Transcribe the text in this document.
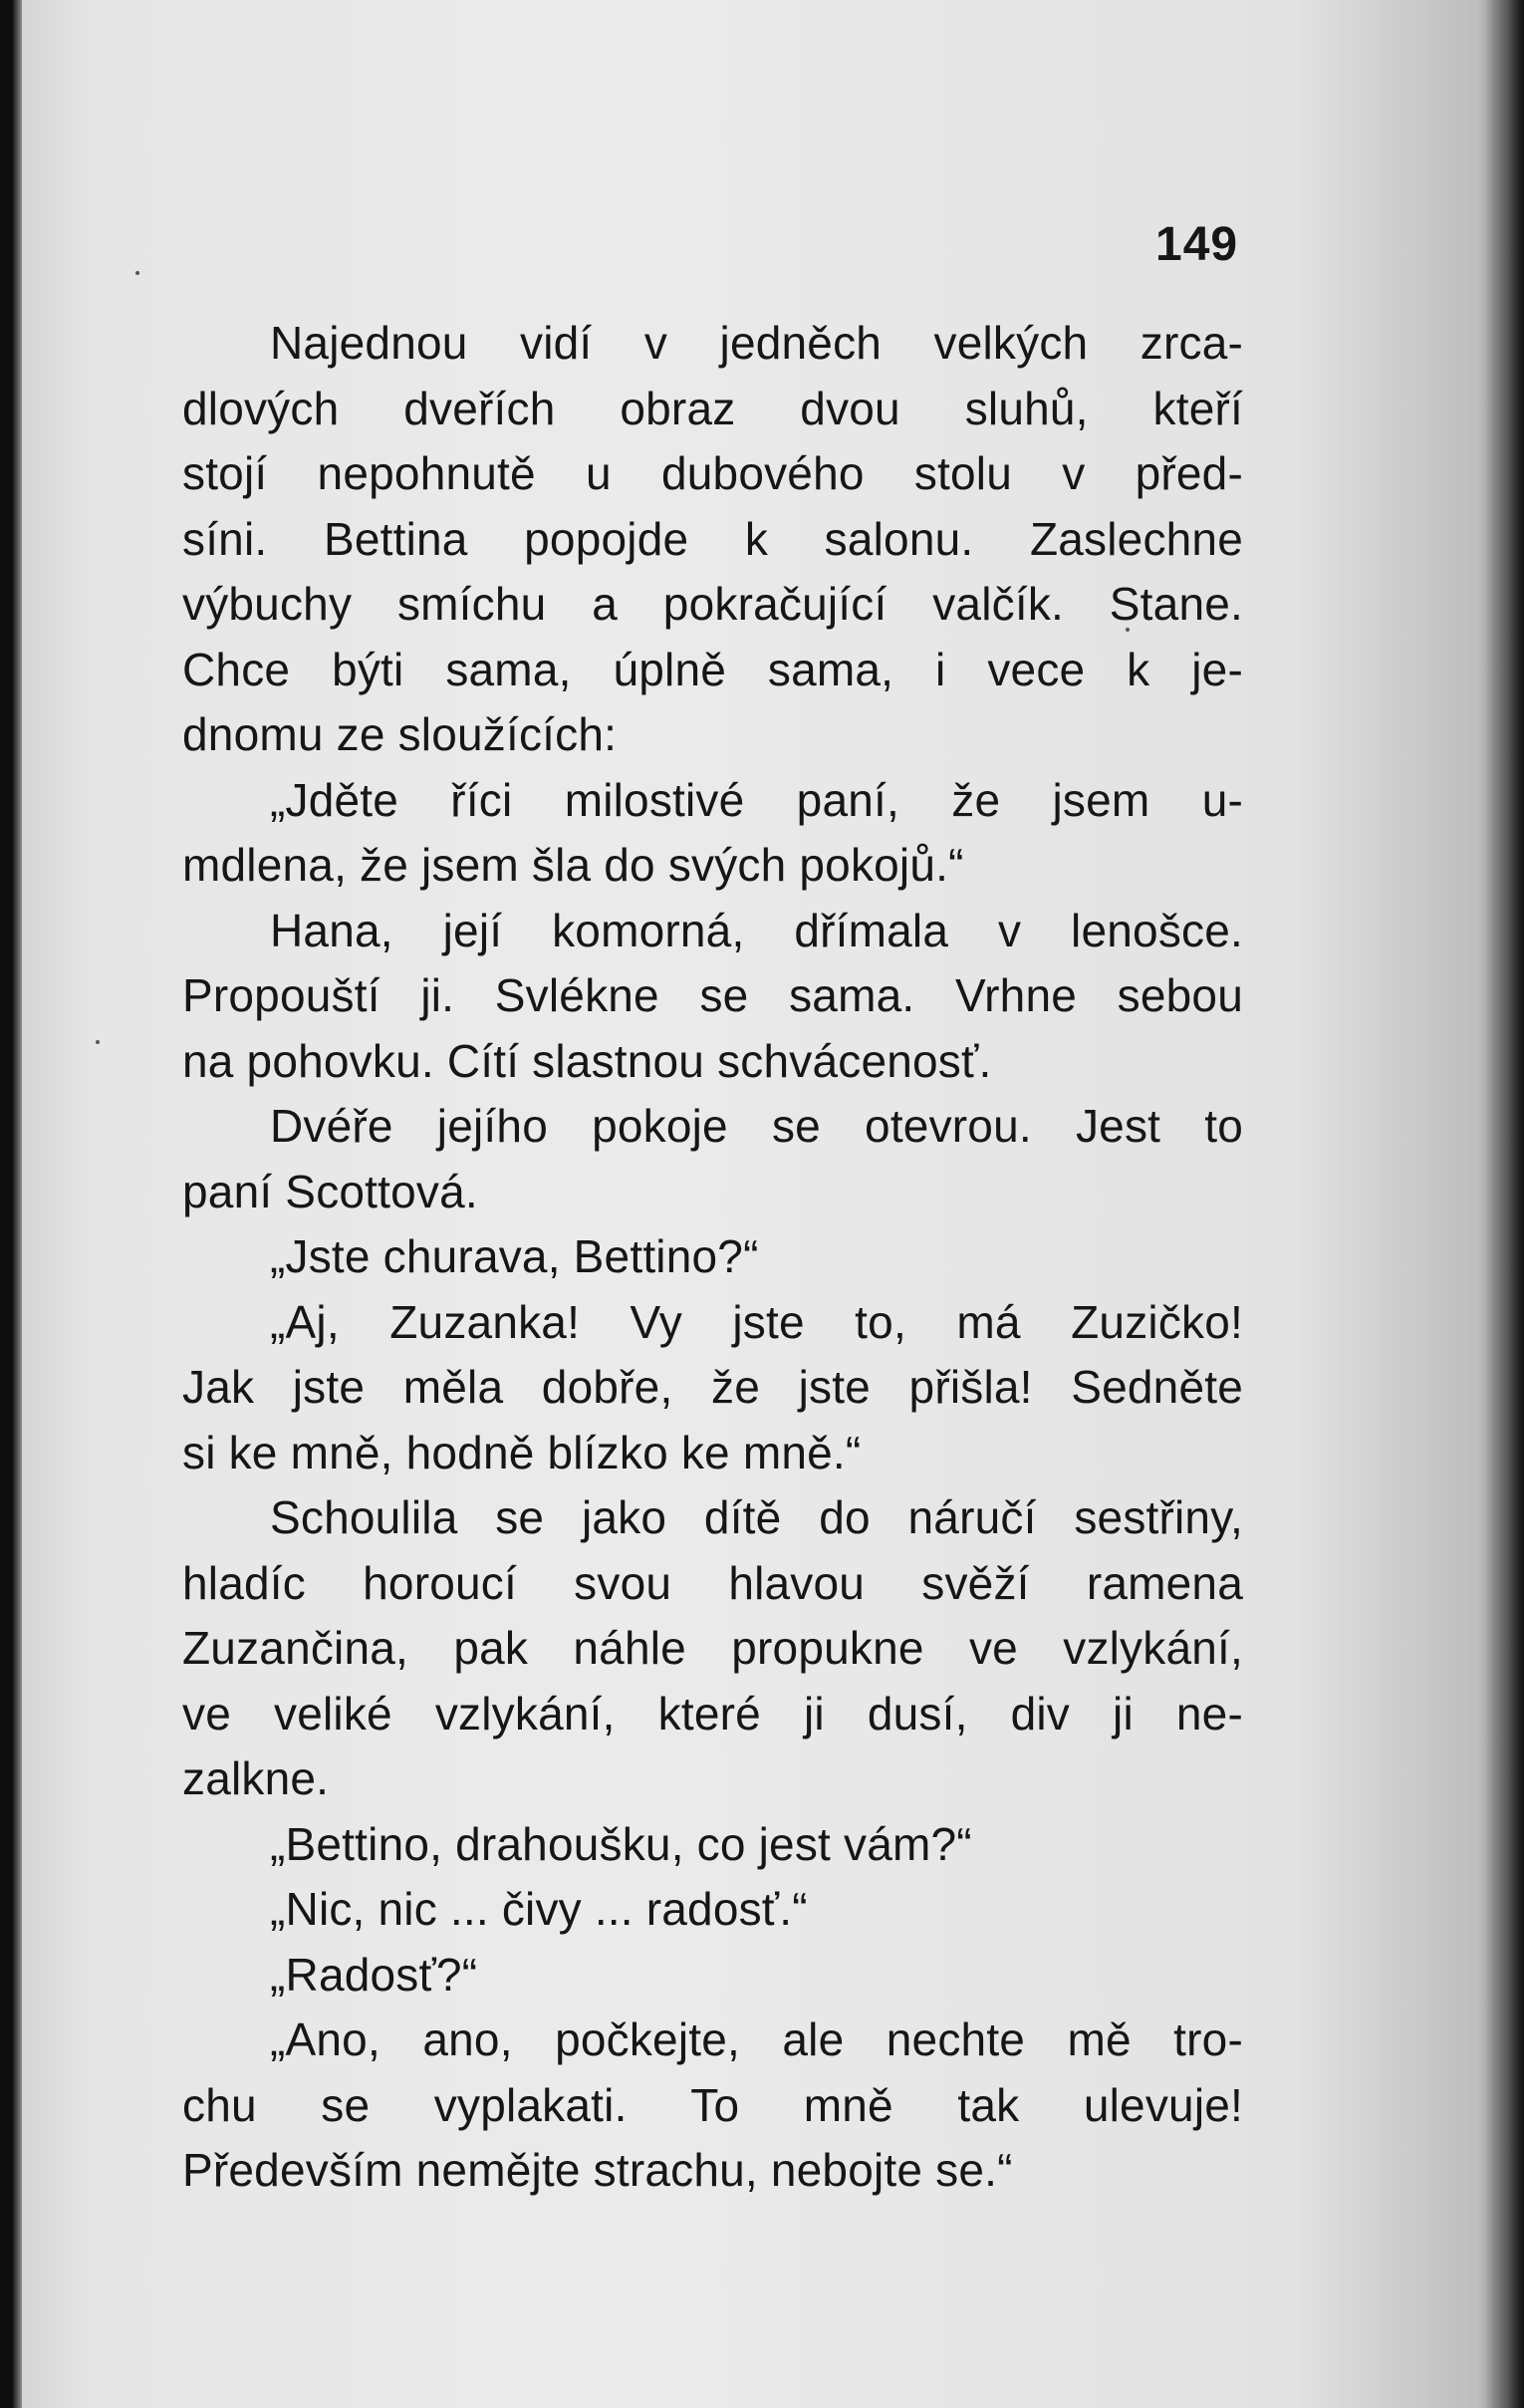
149
Najednou vidí v jedněch velkých zrca-
dlových dveřích obraz dvou sluhů, kteří
stojí nepohnutě u dubového stolu v před-
síni. Bettina popojde k salonu. Zaslechne
výbuchy smíchu a pokračující valčík. Stane.
Chce býti sama, úplně sama, i vece k je-
dnomu ze sloužících:
„Jděte říci milostivé paní, že jsem u-
mdlena, že jsem šla do svých pokojů.“
Hana, její komorná, dřímala v lenošce.
Propouští ji. Svlékne se sama. Vrhne sebou
na pohovku. Cítí slastnou schvácenosť.
Dvéře jejího pokoje se otevrou. Jest to
paní Scottová.
„Jste churava, Bettino?“
„Aj, Zuzanka! Vy jste to, má Zuzičko!
Jak jste měla dobře, že jste přišla! Sedněte
si ke mně, hodně blízko ke mně.“
Schoulila se jako dítě do náručí sestřiny,
hladíc horoucí svou hlavou svěží ramena
Zuzančina, pak náhle propukne ve vzlykání,
ve veliké vzlykání, které ji dusí, div ji ne-
zalkne.
„Bettino, drahoušku, co jest vám?“
„Nic, nic ... čivy ... radosť.“
„Radosť?“
„Ano, ano, počkejte, ale nechte mě tro-
chu se vyplakati. To mně tak ulevuje!
Především nemějte strachu, nebojte se.“
